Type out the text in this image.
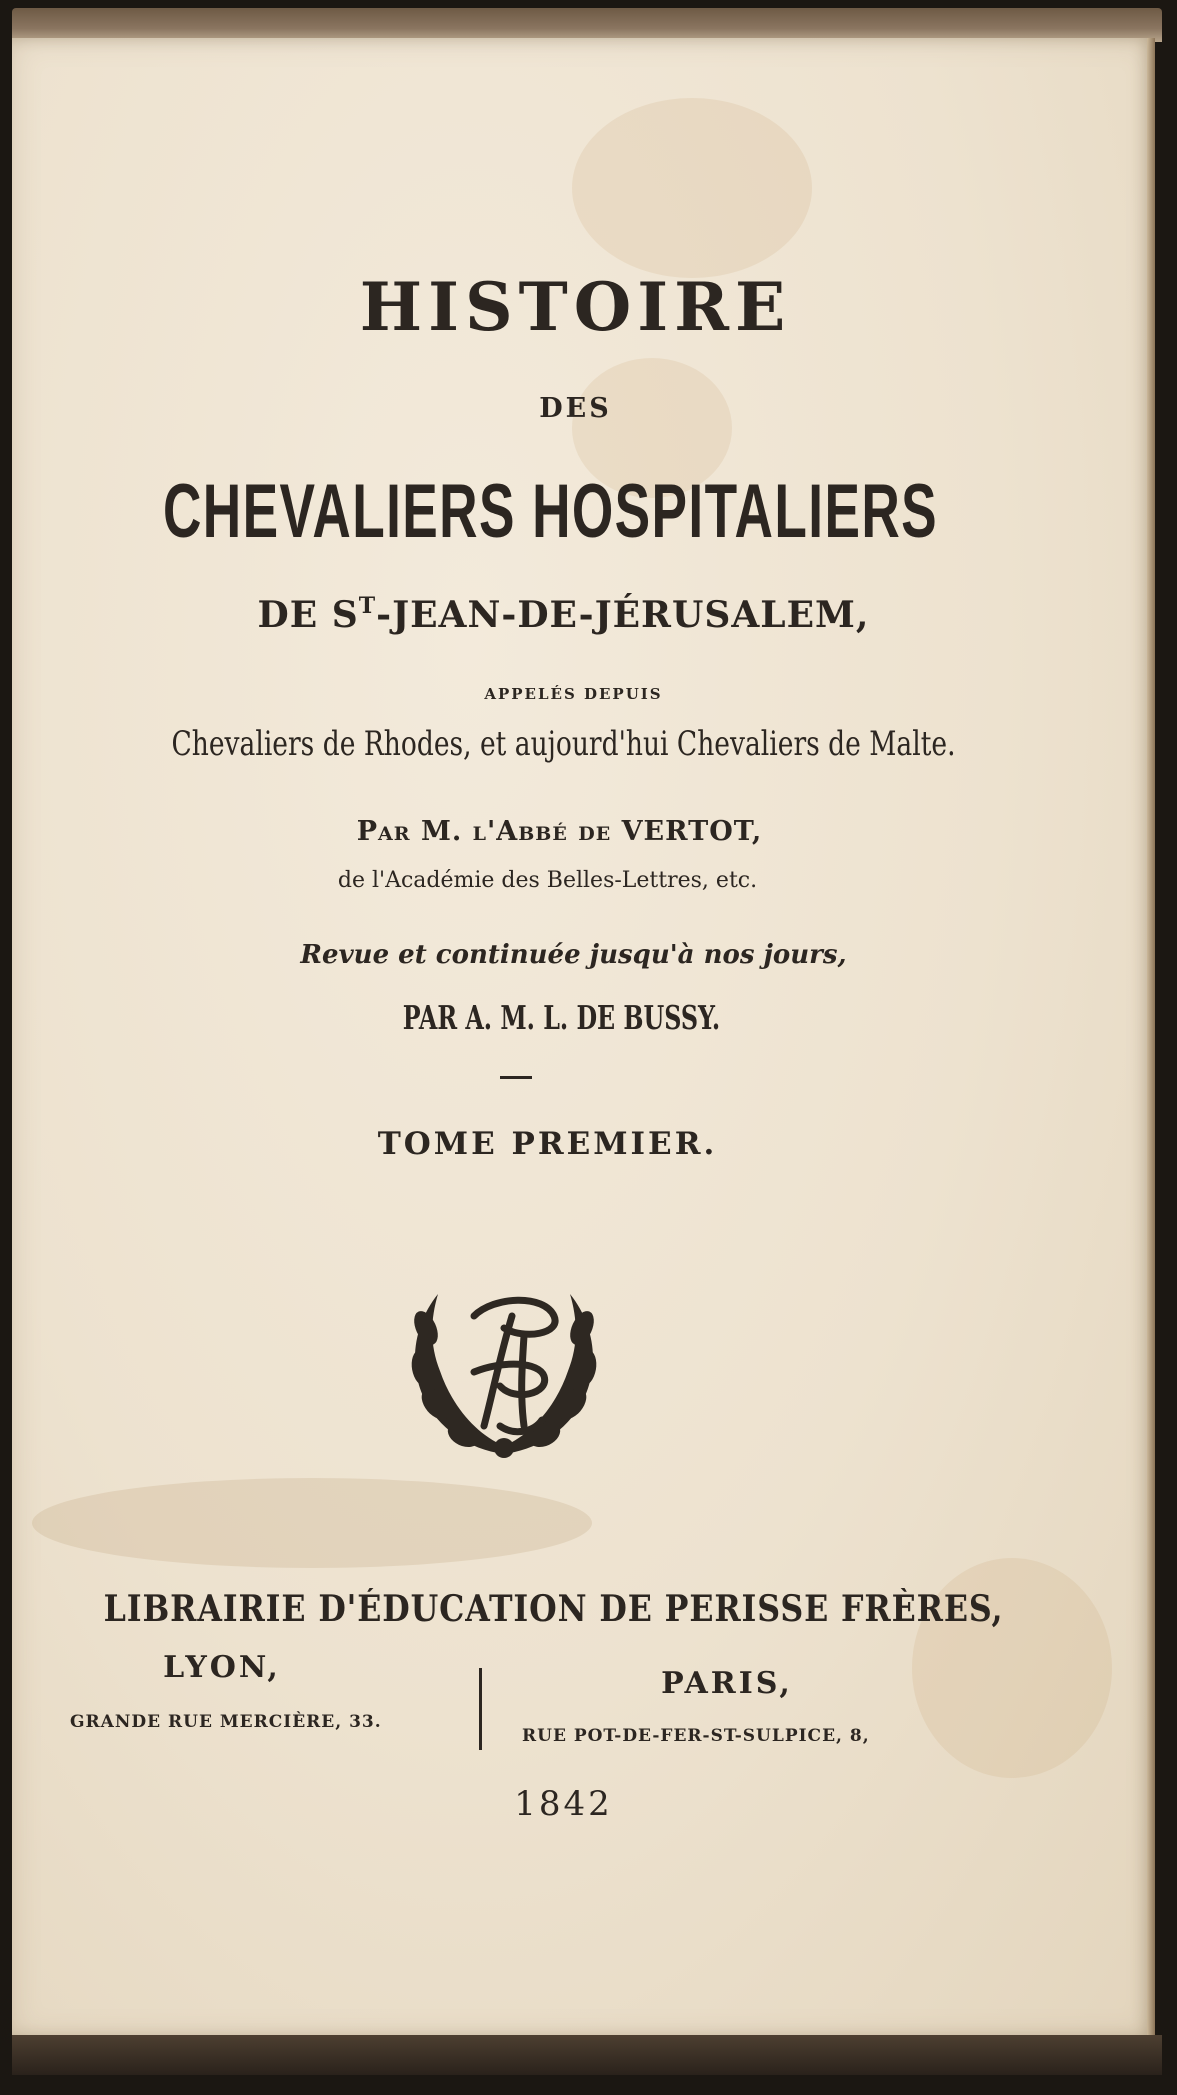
HISTOIRE
DES
CHEVALIERS HOSPITALIERS
DE $S^T-JEAN-DE$-JÉRUSALEM,
APPELÉS DEPUIS
Chevaliers de Rhodes, et aujourd'hui Chevaliers de Malte.
Par M. l'Abbé de VERTOT,
de l'Académie des Belles-Lettres, etc.
Revue et continuée jusqu'à nos jours,
PAR A. M. L. DE BUSSY.
TOME PREMIER.
LIBRAIRIE D'ÉDUCATION DE PERISSE FRÈRES,
LYON,
GRANDE RUE MERCIÈRE, 33.
PARIS,
RUE POT-DE-FER-ST-SULPICE, 8,
1842
